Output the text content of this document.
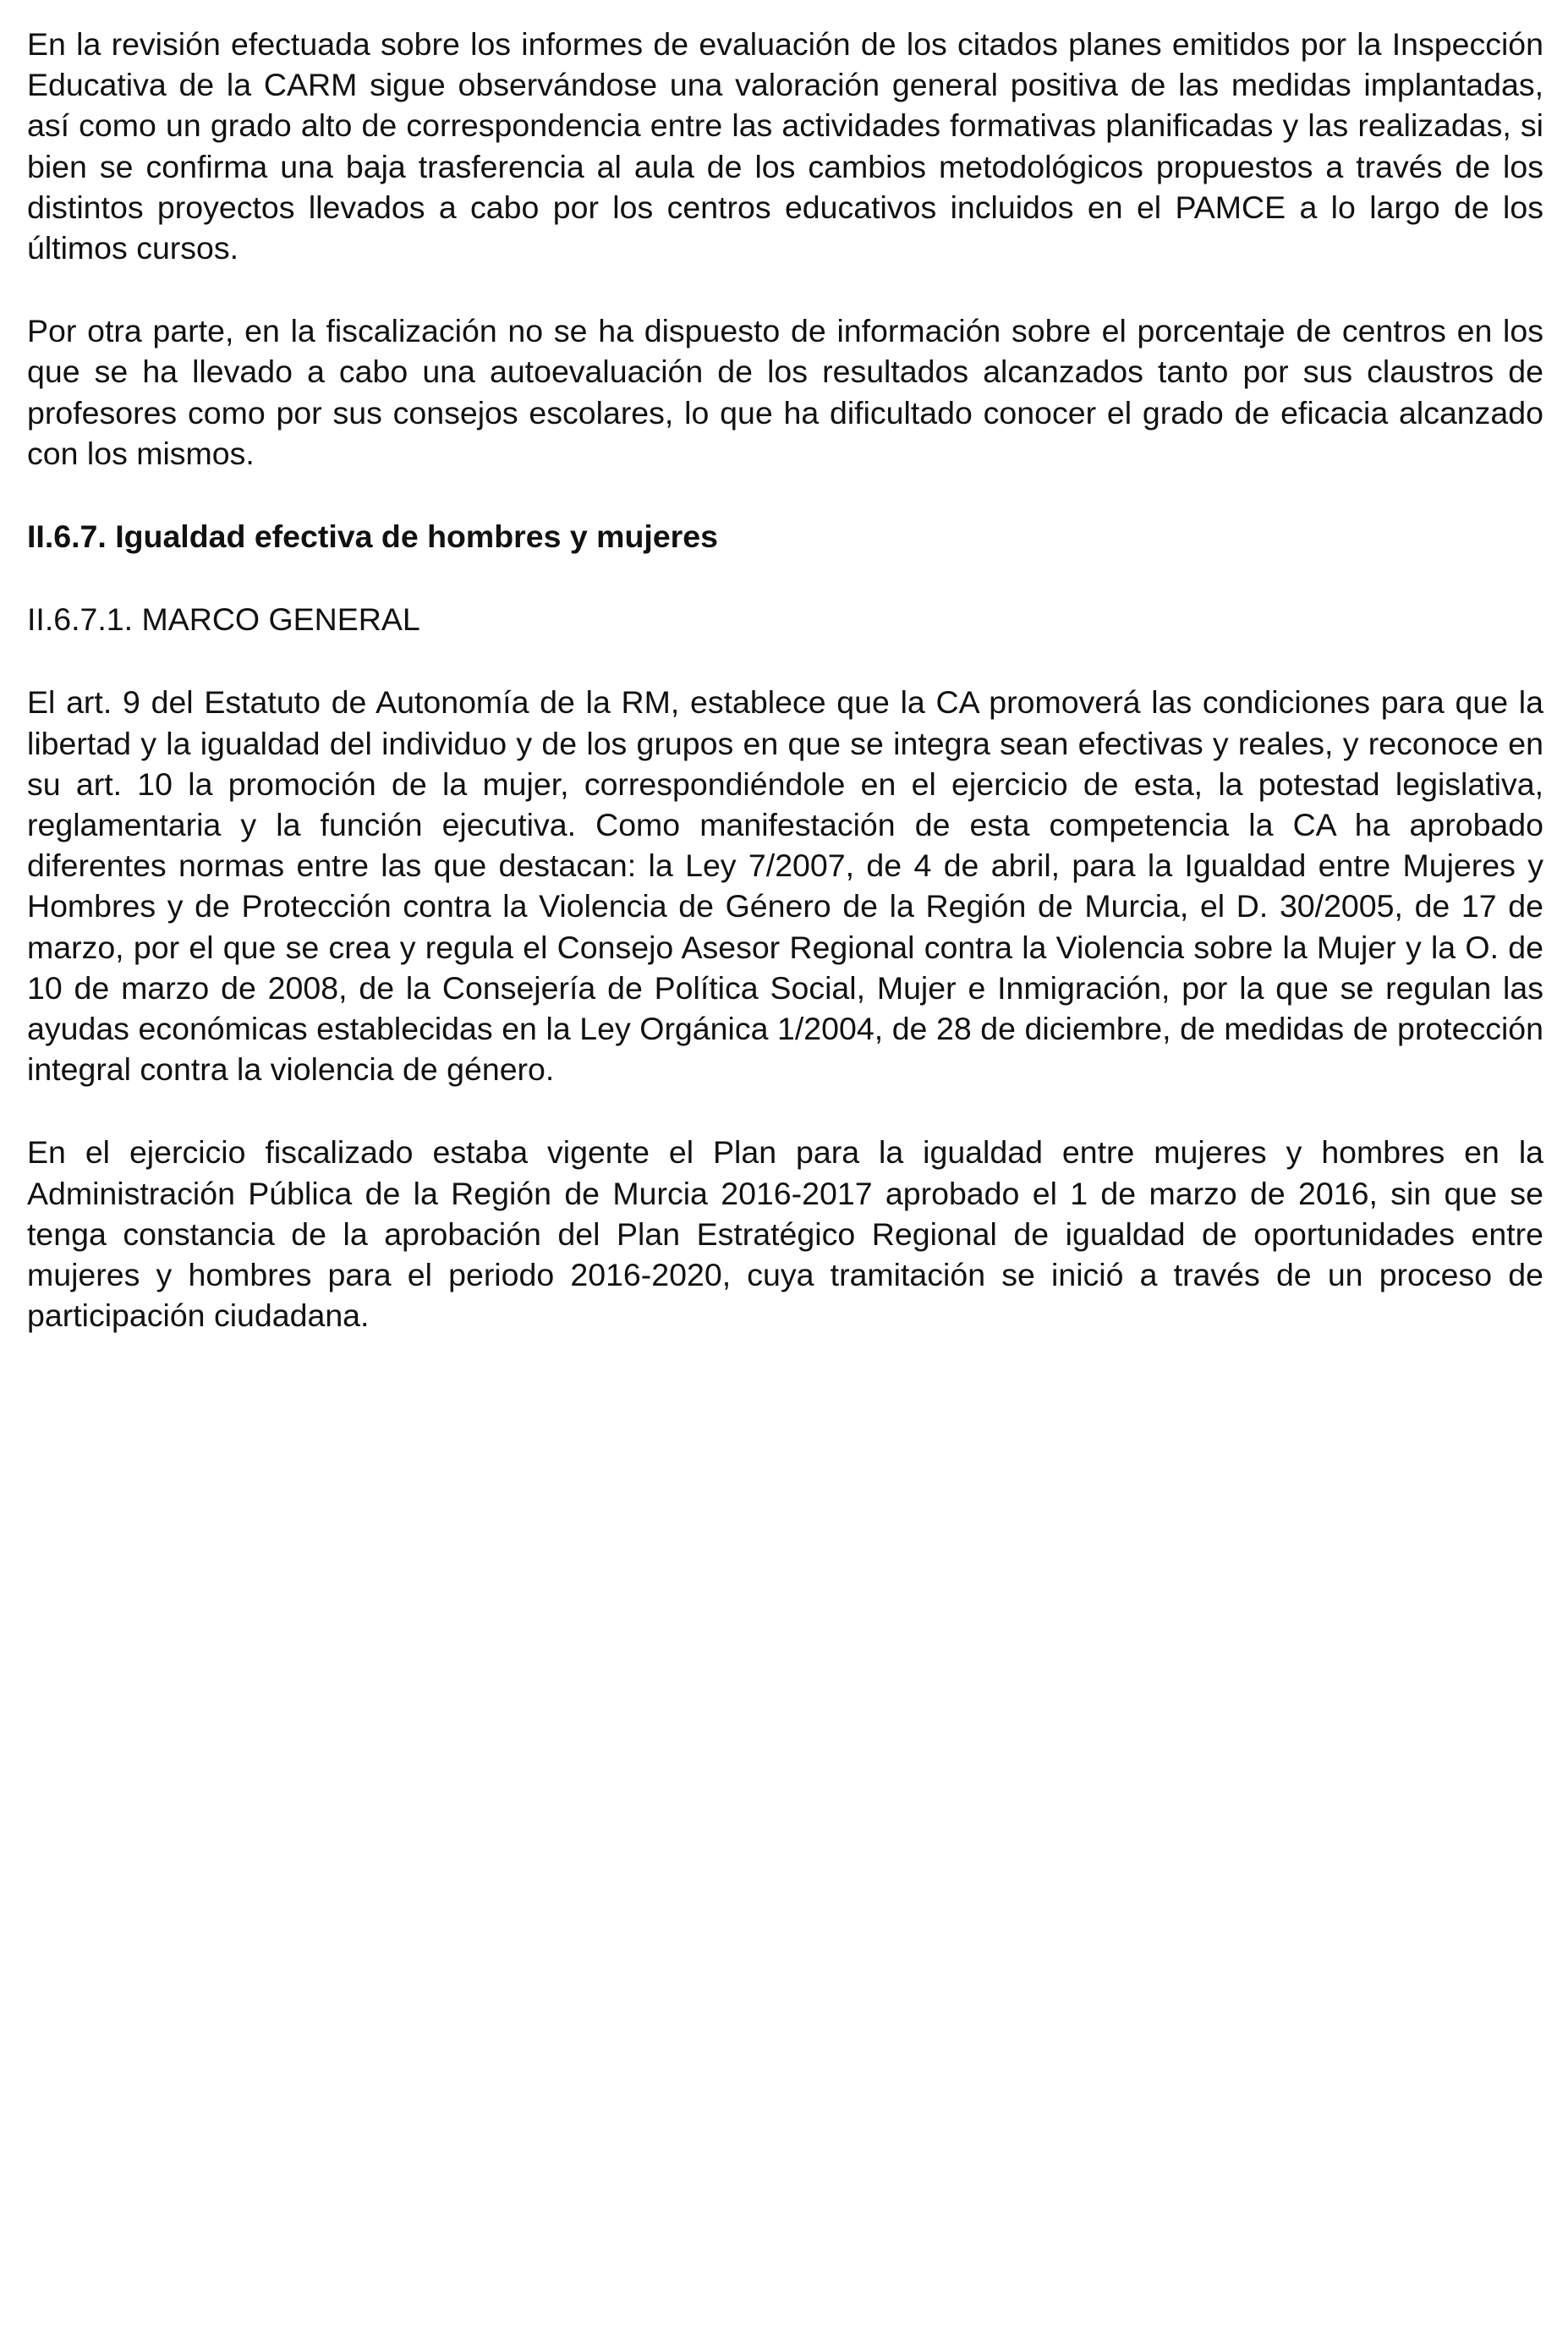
En la revisión efectuada sobre los informes de evaluación de los citados planes emitidos por la Inspección Educativa de la CARM sigue observándose una valoración general positiva de las medidas implantadas, así como un grado alto de correspondencia entre las actividades formativas planificadas y las realizadas, si bien se confirma una baja trasferencia al aula de los cambios metodológicos propuestos a través de los distintos proyectos llevados a cabo por los centros educativos incluidos en el PAMCE a lo largo de los últimos cursos.

Por otra parte, en la fiscalización no se ha dispuesto de información sobre el porcentaje de centros en los que se ha llevado a cabo una autoevaluación de los resultados alcanzados tanto por sus claustros de profesores como por sus consejos escolares, lo que ha dificultado conocer el grado de eficacia alcanzado con los mismos.

II.6.7. Igualdad efectiva de hombres y mujeres
II.6.7.1. MARCO GENERAL

El art. 9 del Estatuto de Autonomía de la RM, establece que la CA promoverá las condiciones para que la libertad y la igualdad del individuo y de los grupos en que se integra sean efectivas y reales, y reconoce en su art. 10 la promoción de la mujer, correspondiéndole en el ejercicio de esta, la potestad legislativa, reglamentaria y la función ejecutiva. Como manifestación de esta competencia la CA ha aprobado diferentes normas entre las que destacan: la Ley 7/2007, de 4 de abril, para la Igualdad entre Mujeres y Hombres y de Protección contra la Violencia de Género de la Región de Murcia, el D. 30/2005, de 17 de marzo, por el que se crea y regula el Consejo Asesor Regional contra la Violencia sobre la Mujer y la O. de 10 de marzo de 2008, de la Consejería de Política Social, Mujer e Inmigración, por la que se regulan las ayudas económicas establecidas en la Ley Orgánica 1/2004, de 28 de diciembre, de medidas de protección integral contra la violencia de género.

En el ejercicio fiscalizado estaba vigente el Plan para la igualdad entre mujeres y hombres en la Administración Pública de la Región de Murcia 2016-2017 aprobado el 1 de marzo de 2016, sin que se tenga constancia de la aprobación del Plan Estratégico Regional de igualdad de oportunidades entre mujeres y hombres para el periodo 2016-2020, cuya tramitación se inició a través de un proceso de participación ciudadana.
